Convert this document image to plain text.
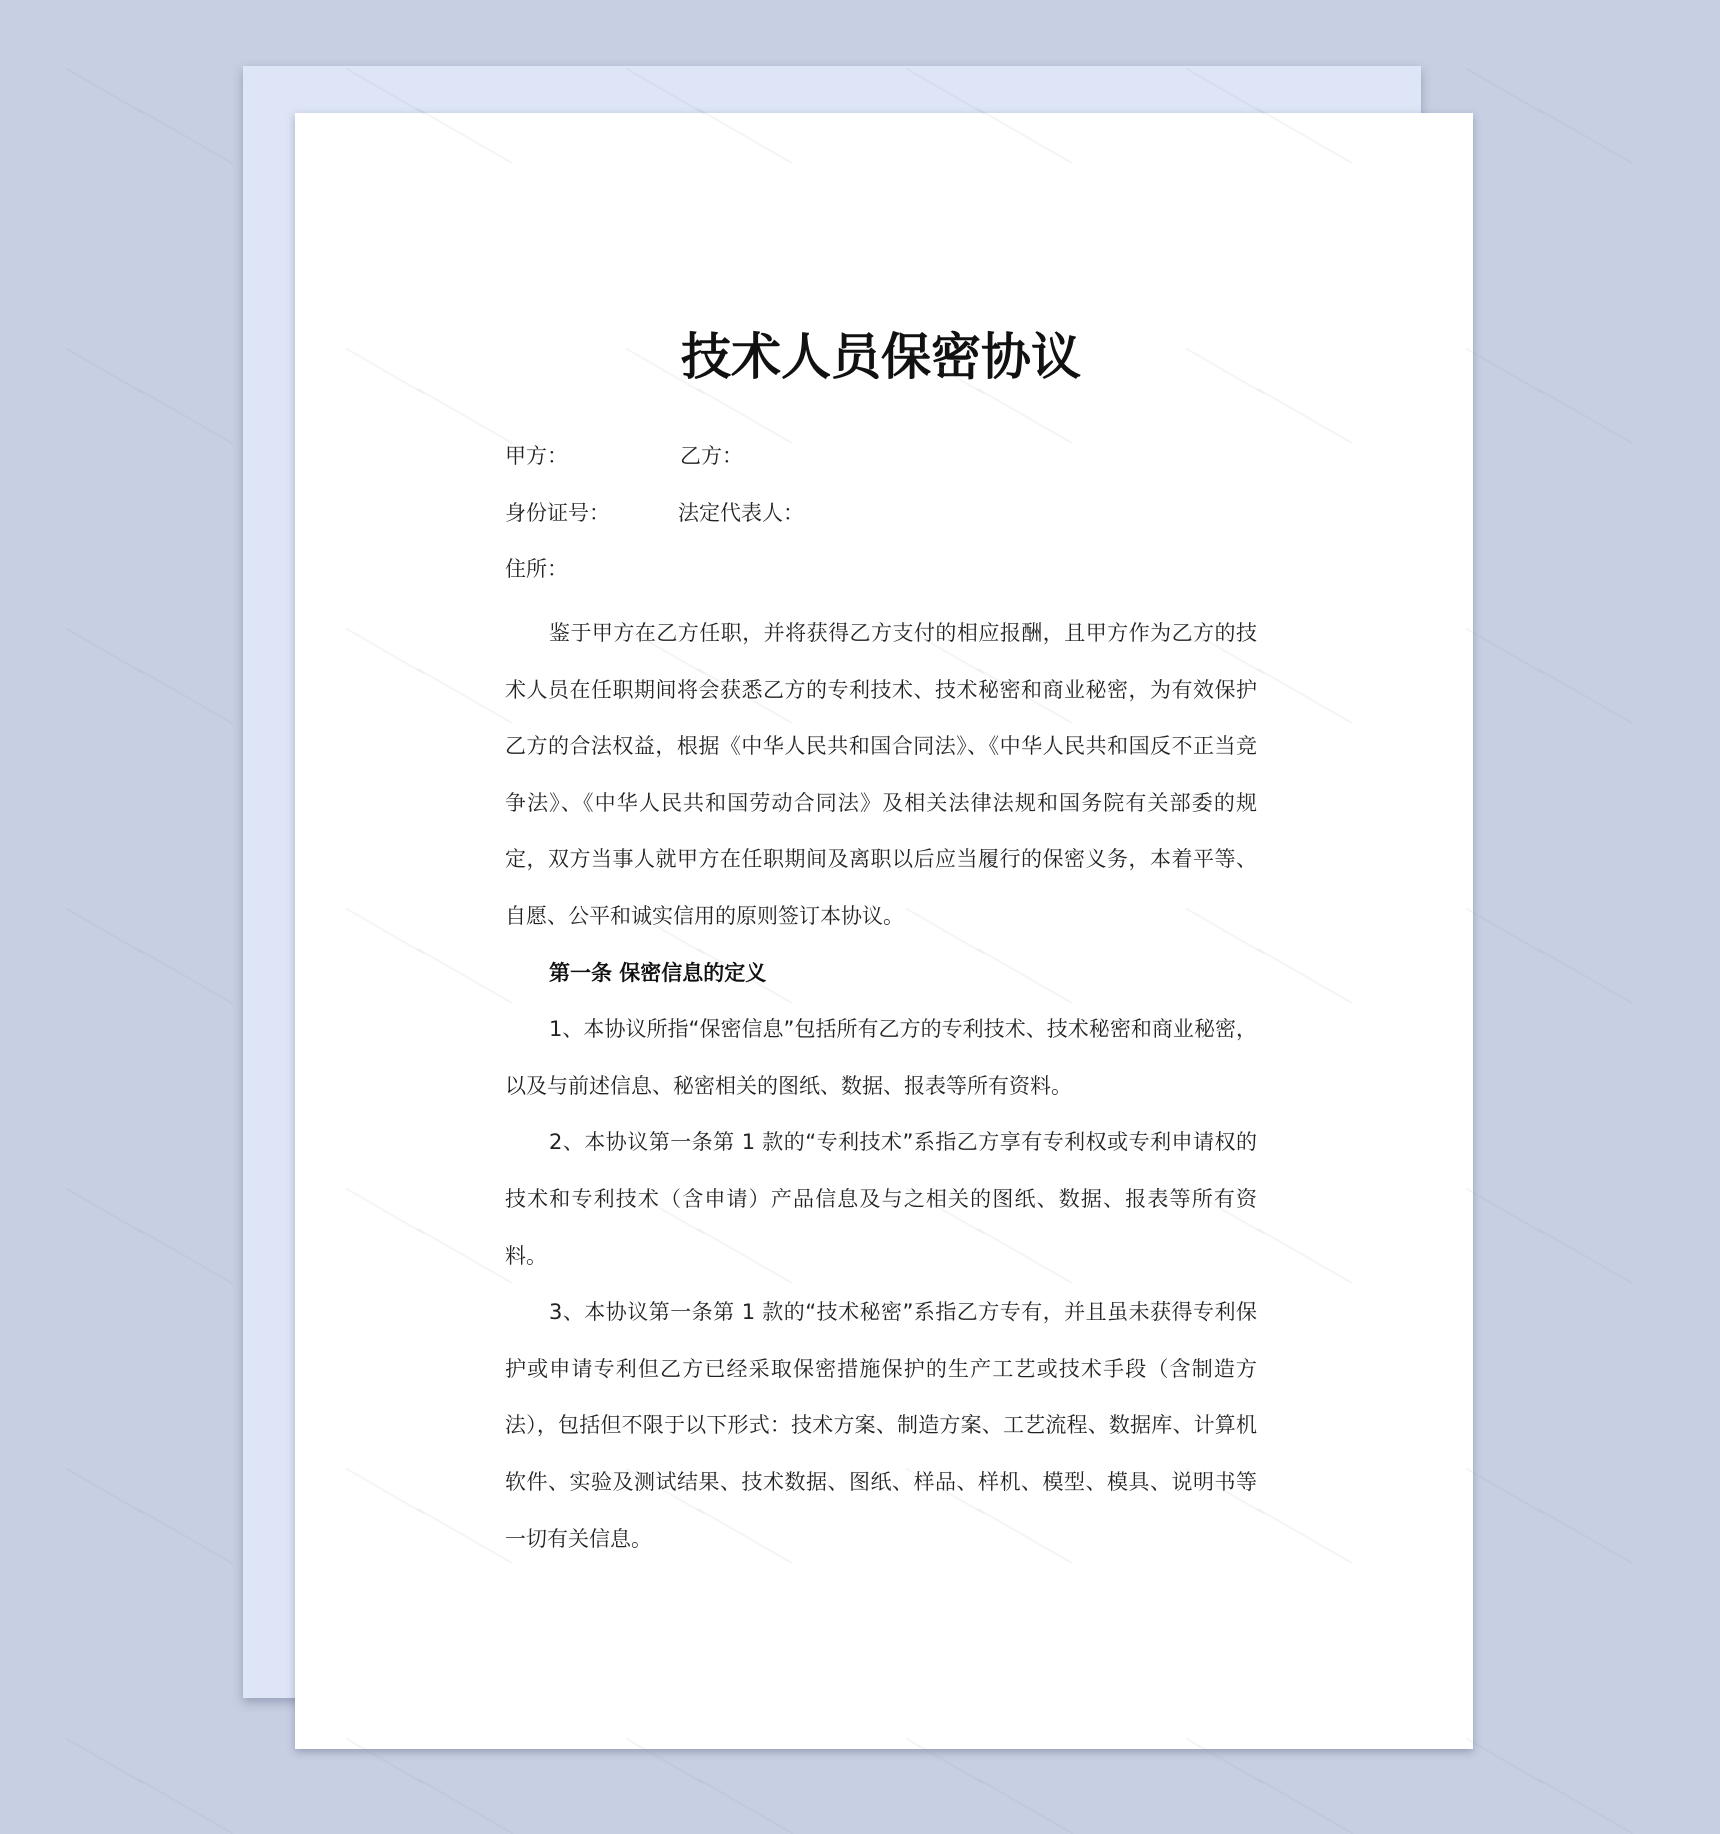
技术人员保密协议
甲方：	乙方：
身份证号：	法定代表人：
住所：

鉴于甲方在乙方任职，并将获得乙方支付的相应报酬，且甲方作为乙方的技术人员在任职期间将会获悉乙方的专利技术、技术秘密和商业秘密，为有效保护乙方的合法权益，根据《中华人民共和国合同法》、《中华人民共和国反不正当竞争法》、《中华人民共和国劳动合同法》及相关法律法规和国务院有关部委的规定，双方当事人就甲方在任职期间及离职以后应当履行的保密义务，本着平等、自愿、公平和诚实信用的原则签订本协议。

第一条 保密信息的定义

1、本协议所指“保密信息”包括所有乙方的专利技术、技术秘密和商业秘密，以及与前述信息、秘密相关的图纸、数据、报表等所有资料。

2、本协议第一条第 1 款的“专利技术”系指乙方享有专利权或专利申请权的技术和专利技术（含申请）产品信息及与之相关的图纸、数据、报表等所有资料。

3、本协议第一条第 1 款的“技术秘密”系指乙方专有，并且虽未获得专利保护或申请专利但乙方已经采取保密措施保护的生产工艺或技术手段（含制造方法），包括但不限于以下形式：技术方案、制造方案、工艺流程、数据库、计算机软件、实验及测试结果、技术数据、图纸、样品、样机、模型、模具、说明书等一切有关信息。
